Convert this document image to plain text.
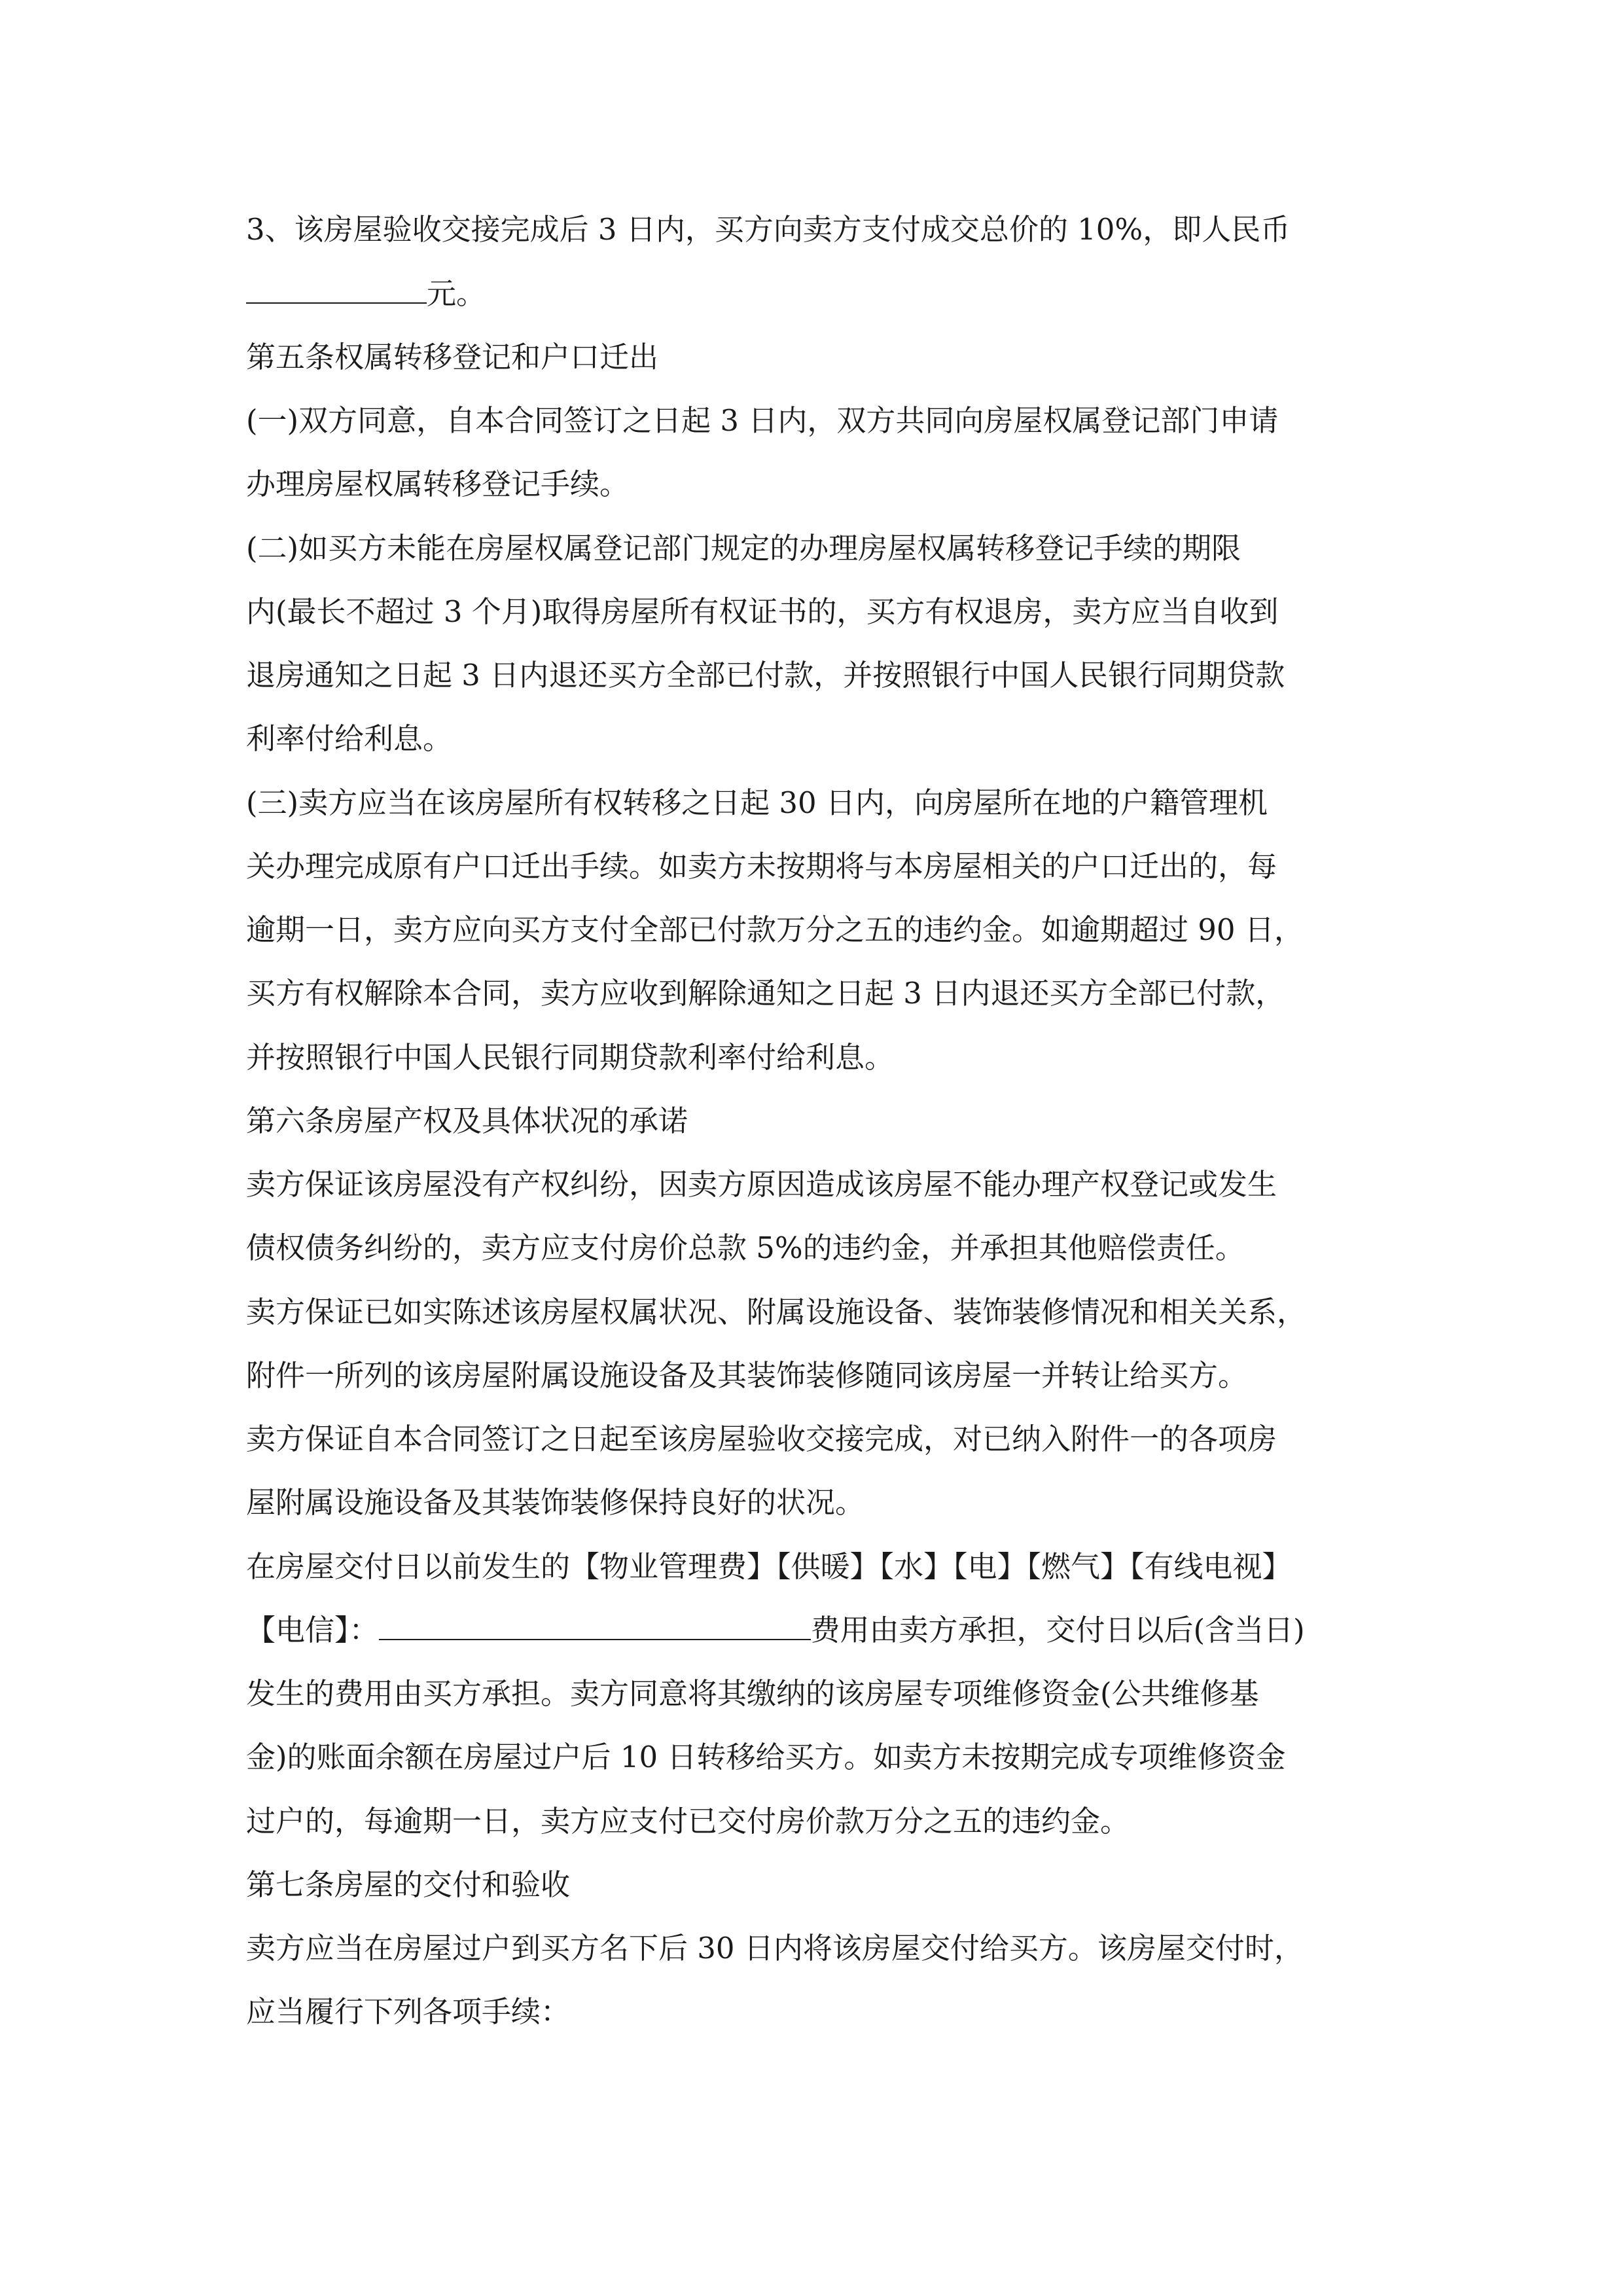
3、该房屋验收交接完成后 3 日内，买方向卖方支付成交总价的 10%，即人民币
元。
第五条权属转移登记和户口迁出
(一)双方同意，自本合同签订之日起 3 日内，双方共同向房屋权属登记部门申请
办理房屋权属转移登记手续。
(二)如买方未能在房屋权属登记部门规定的办理房屋权属转移登记手续的期限
内(最长不超过 3 个月)取得房屋所有权证书的，买方有权退房，卖方应当自收到
退房通知之日起 3 日内退还买方全部已付款，并按照银行中国人民银行同期贷款
利率付给利息。
(三)卖方应当在该房屋所有权转移之日起 30 日内，向房屋所在地的户籍管理机
关办理完成原有户口迁出手续。如卖方未按期将与本房屋相关的户口迁出的，每
逾期一日，卖方应向买方支付全部已付款万分之五的违约金。如逾期超过 90 日，
买方有权解除本合同，卖方应收到解除通知之日起 3 日内退还买方全部已付款，
并按照银行中国人民银行同期贷款利率付给利息。
第六条房屋产权及具体状况的承诺
卖方保证该房屋没有产权纠纷，因卖方原因造成该房屋不能办理产权登记或发生
债权债务纠纷的，卖方应支付房价总款 5%的违约金，并承担其他赔偿责任。
卖方保证已如实陈述该房屋权属状况、附属设施设备、装饰装修情况和相关关系，
附件一所列的该房屋附属设施设备及其装饰装修随同该房屋一并转让给买方。
卖方保证自本合同签订之日起至该房屋验收交接完成，对已纳入附件一的各项房
屋附属设施设备及其装饰装修保持良好的状况。
在房屋交付日以前发生的【物业管理费】【供暖】【水】【电】【燃气】【有线电视】
【电信】：	费用由卖方承担，交付日以后(含当日)
发生的费用由买方承担。卖方同意将其缴纳的该房屋专项维修资金(公共维修基
金)的账面余额在房屋过户后 10 日转移给买方。如卖方未按期完成专项维修资金
过户的，每逾期一日，卖方应支付已交付房价款万分之五的违约金。
第七条房屋的交付和验收
卖方应当在房屋过户到买方名下后 30 日内将该房屋交付给买方。该房屋交付时，
应当履行下列各项手续：
